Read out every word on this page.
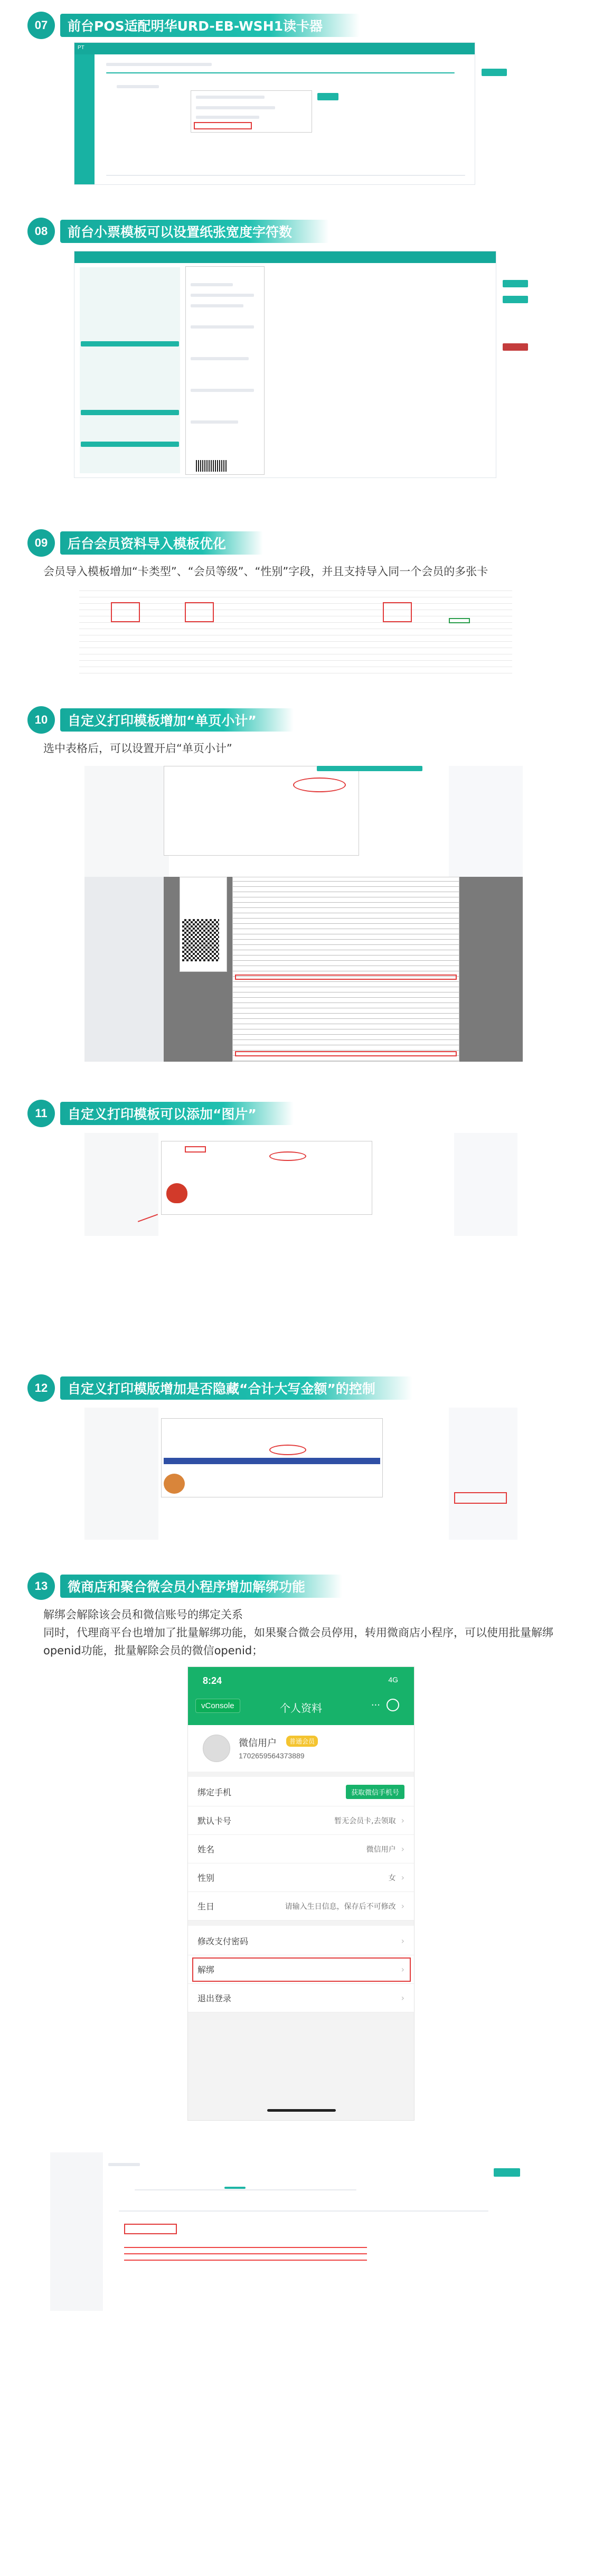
07	前台POS适配明华URD-EB-WSH1读卡器
PT
08	前台小票模板可以设置纸张宽度字符数
09	后台会员资料导入模板优化
会员导入模板增加“卡类型”、“会员等级”、“性别”字段，并且支持导入同一个会员的多张卡
10	自定义打印模板增加“单页小计”
选中表格后，可以设置开启“单页小计”
11	自定义打印模板可以添加“图片”
12	自定义打印模版增加是否隐藏“合计大写金额”的控制
13	微商店和聚合微会员小程序增加解绑功能
解绑会解除该会员和微信账号的绑定关系
同时，代理商平台也增加了批量解绑功能，如果聚合微会员停用，转用微商店小程序，可以使用批量解绑openid功能，批量解除会员的微信openid；
8:24	4G
vConsole	个人资料	···
微信用户	普通会员
17026595643738​89
绑定手机	获取微信手机号
默认卡号	暂无会员卡,去领取 ›
姓名	微信用户 ›
性别	女 ›
生日	请输入生日信息，保存后不可修改 ›
修改支付密码	›
解绑	›
退出登录	›
